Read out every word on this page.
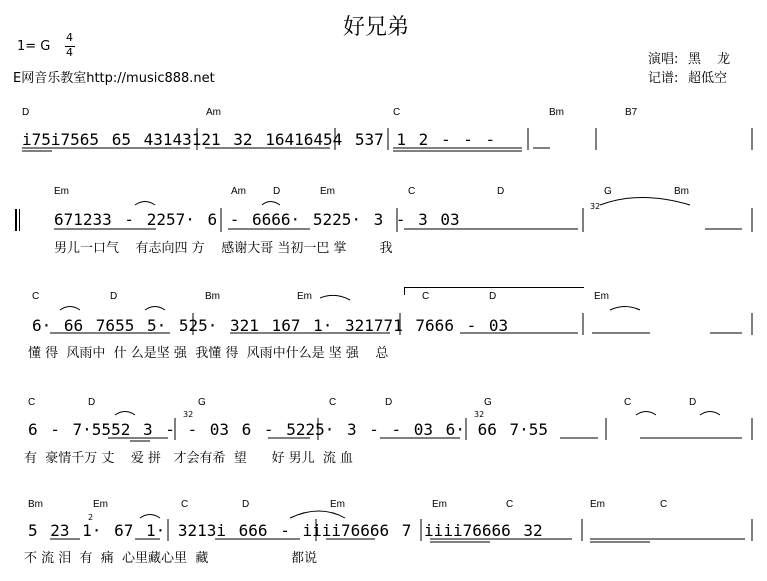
好兄弟
1= G
4
4
E网音乐教室http://music888.net
演唱: 黑 龙
记谱: 超低空
D	Am	C	Bm	B7
i75i7565 65 43143121 32 16416454 537 1 2 - - -
Em	Am	D	Em	C	D	G	Bm
671233 - 2257· 6 - 6666· 5225· 3 - 3 03
男儿一口气    有志向四 方    感谢大哥 当初一巴 掌        我
32
C	D	Bm	Em	C	D	Em
6· 66 7655 5· 525· 321 167 1· 321771 7666 - 03
懂 得  风雨中  什 么是坚 强  我懂 得  风雨中什么是 坚 强    总
C	D	G	C	D	G	C	D
6 - 7·5552 3 - - 03 6 - 5225· 3 - - 03 6· 66 7·55
有  豪情千万 丈    爱 拼   才会有希  望      好 男儿  流 血
32	32
Bm	Em	C	D	Em	Em	C	Em	C
5 23 1· 67 1· 3213i 666 - iiii76666 7 iiii76666 32
不 流 泪  有  痛  心里藏心里  藏                    都说
2
